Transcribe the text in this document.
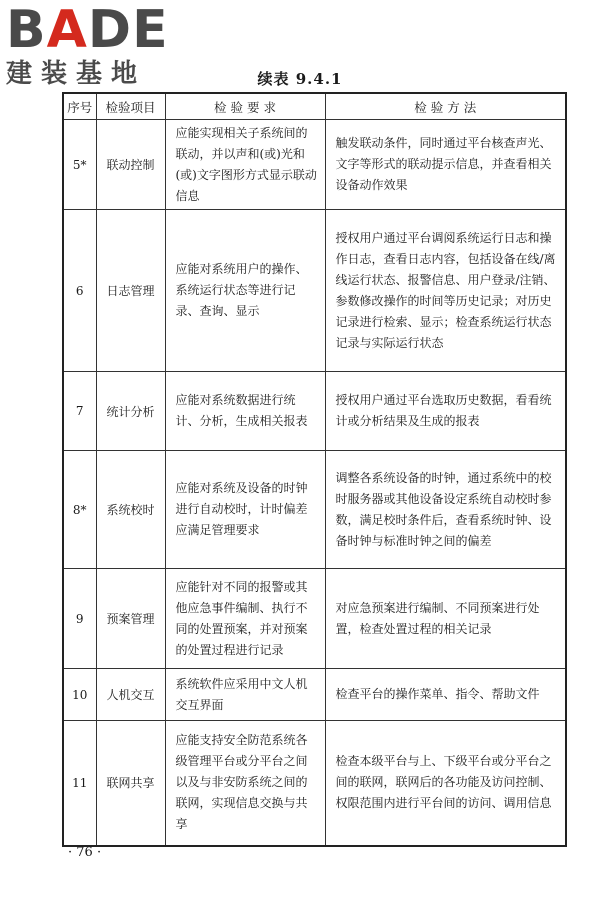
BADE
建装基地	续表 9.4.1
序号	检验项目	检 验 要 求	检 验 方 法
5*	联动控制	应能实现相关子系统间的联动，并以声和(或)光和(或)文字图形方式显示联动信息	触发联动条件，同时通过平台核查声光、文字等形式的联动提示信息，并查看相关设备动作效果
6	日志管理	应能对系统用户的操作、系统运行状态等进行记录、查询、显示	授权用户通过平台调阅系统运行日志和操作日志，查看日志内容，包括设备在线/离线运行状态、报警信息、用户登录/注销、参数修改操作的时间等历史记录；对历史记录进行检索、显示；检查系统运行状态记录与实际运行状态
7	统计分析	应能对系统数据进行统计、分析，生成相关报表	授权用户通过平台选取历史数据，看看统计或分析结果及生成的报表
8*	系统校时	应能对系统及设备的时钟进行自动校时，计时偏差应满足管理要求	调整各系统设备的时钟，通过系统中的校时服务器或其他设备设定系统自动校时参数，满足校时条件后，查看系统时钟、设备时钟与标准时钟之间的偏差
9	预案管理	应能针对不同的报警或其他应急事件编制、执行不同的处置预案，并对预案的处置过程进行记录	对应急预案进行编制、不同预案进行处置，检查处置过程的相关记录
10	人机交互	系统软件应采用中文人机交互界面	检查平台的操作菜单、指令、帮助文件
11	联网共享	应能支持安全防范系统各级管理平台或分平台之间以及与非安防系统之间的联网，实现信息交换与共享	检查本级平台与上、下级平台或分平台之间的联网，联网后的各功能及访问控制、权限范围内进行平台间的访问、调用信息
· 76 ·
